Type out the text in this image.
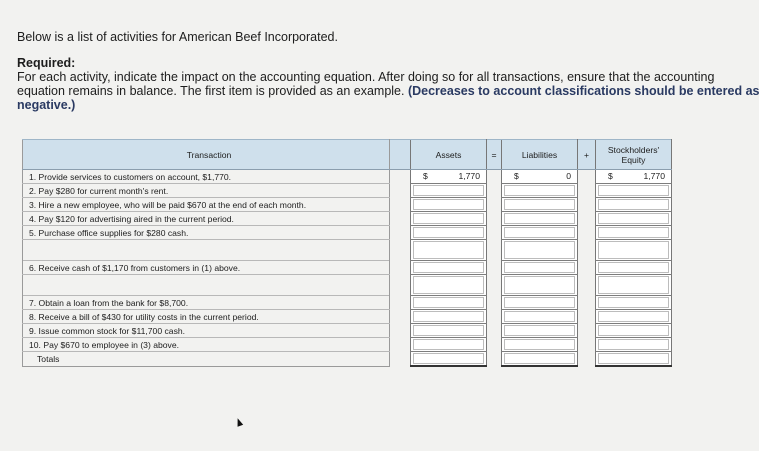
Below is a list of activities for American Beef Incorporated.
Required:
For each activity, indicate the impact on the accounting equation. After doing so for all transactions, ensure that the accounting
equation remains in balance. The first item is provided as an example. (Decreases to account classifications should be entered as
negative.)
Transaction		Assets	=	Liabilities	+	Stockholders'
Equity

1. Provide services to customers on account, $1,770.		$ 1,770		$ 0		$ 1,770

2. Pay $280 for current month's rent.		

3. Hire a new employee, who will be paid $670 at the end of each month.		

4. Pay $120 for advertising aired in the current period.		

5. Purchase office supplies for $280 cash.		

6. Receive cash of $1,170 from customers in (1) above.		

7. Obtain a loan from the bank for $8,700.		

8. Receive a bill of $430 for utility costs in the current period.		

9. Issue common stock for $11,700 cash.		

10. Pay $670 to employee in (3) above.		

Totals		
